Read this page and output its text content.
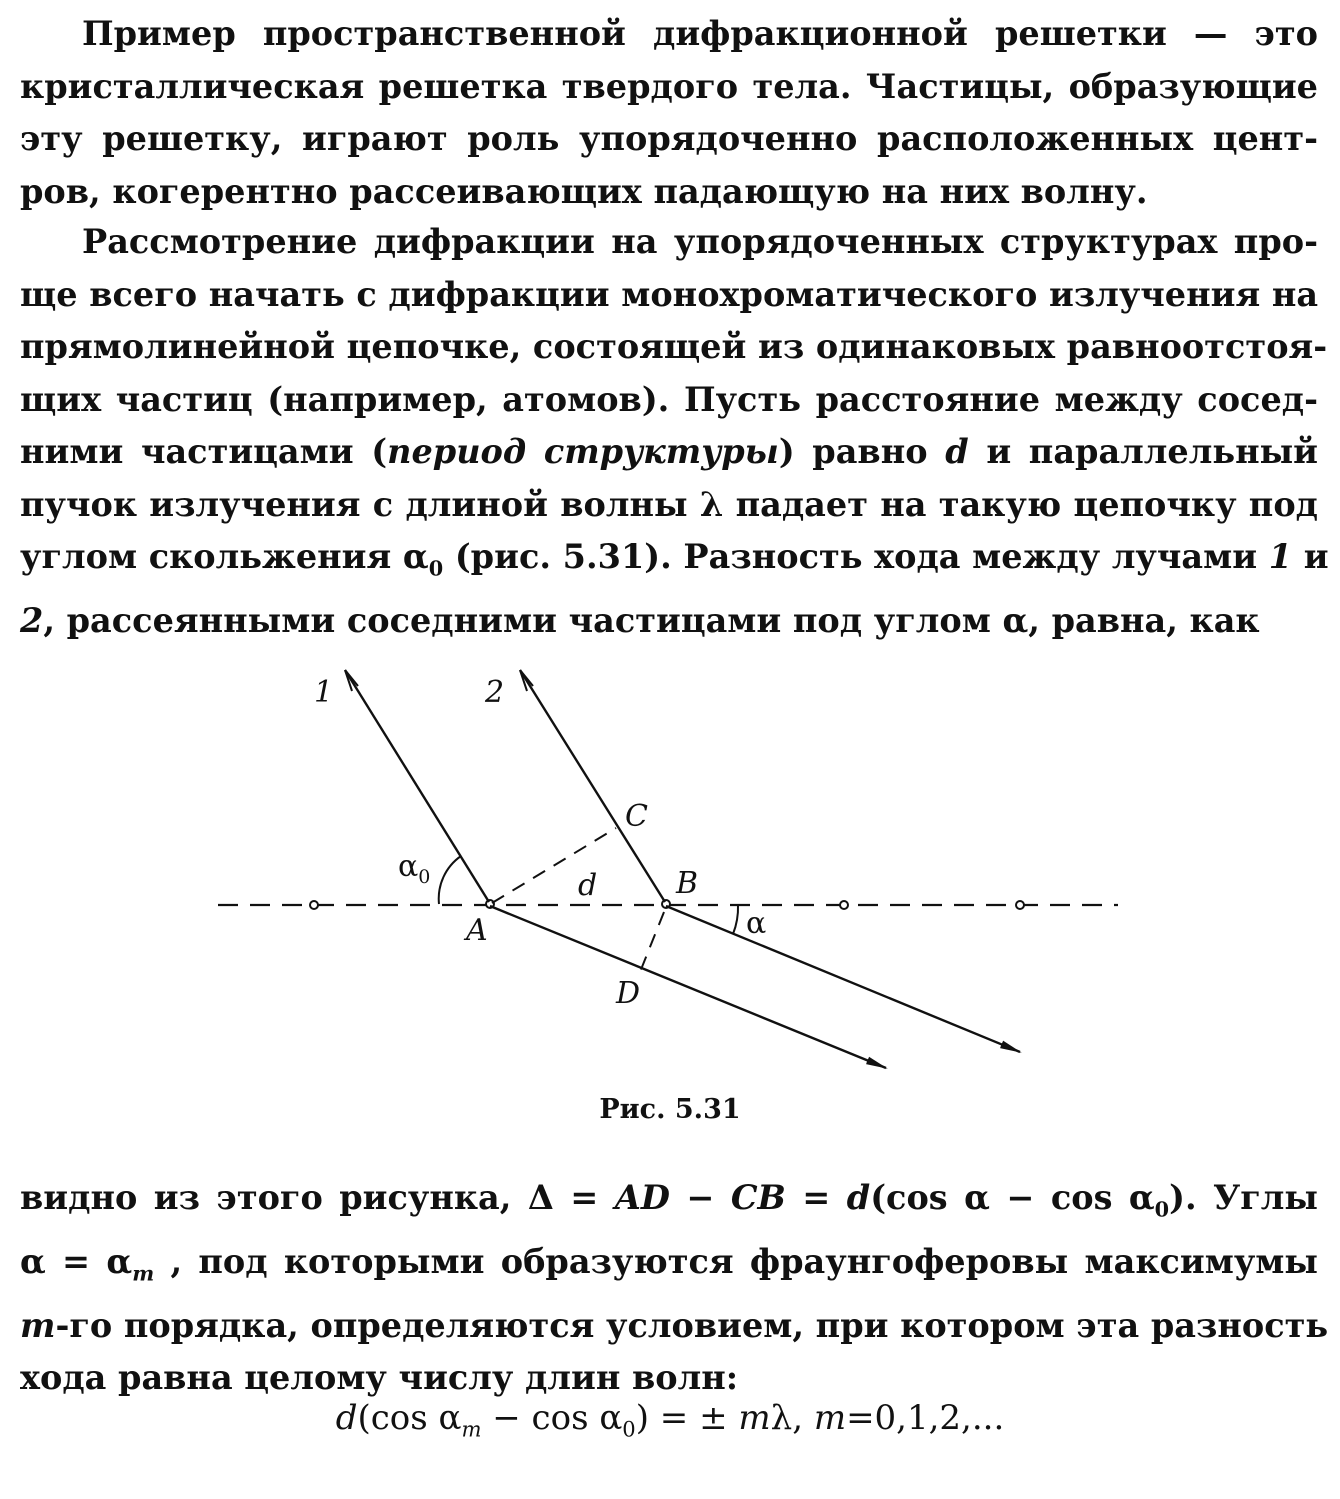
Пример пространственной дифракционной решетки — это
кристаллическая решетка твердого тела. Частицы, образующие
эту решетку, играют роль упорядоченно расположенных цент-
ров, когерентно рассеивающих падающую на них волну.
Рассмотрение дифракции на упорядоченных структурах про-
ще всего начать с дифракции монохроматического излучения на
прямолинейной цепочке, состоящей из одинаковых равноотстоя-
щих частиц (например, атомов). Пусть расстояние между сосед-
ними частицами (период структуры) равно d и параллельный
пучок излучения с длиной волны λ падает на такую цепочку под
углом скольжения $\alpha_0$ (рис. 5.31). Разность хода между лучами 1 и
2, рассеянными соседними частицами под углом α, равна, как
1	2
C
d	B
A
D
$\alpha_0$
α
Рис. 5.31
видно из этого рисунка, Δ = AD − CB = d(cos $\alpha - \cos \alpha_0$). Углы
$\alpha = \alpha_m$ , под которыми образуются фраунгоферовы максимумы
m-го порядка, определяются условием, при котором эта разность
хода равна целому числу длин волн:
d(cos $\alpha_m - \cos \alpha_0$) = ± mλ, m=0,1,2,...
